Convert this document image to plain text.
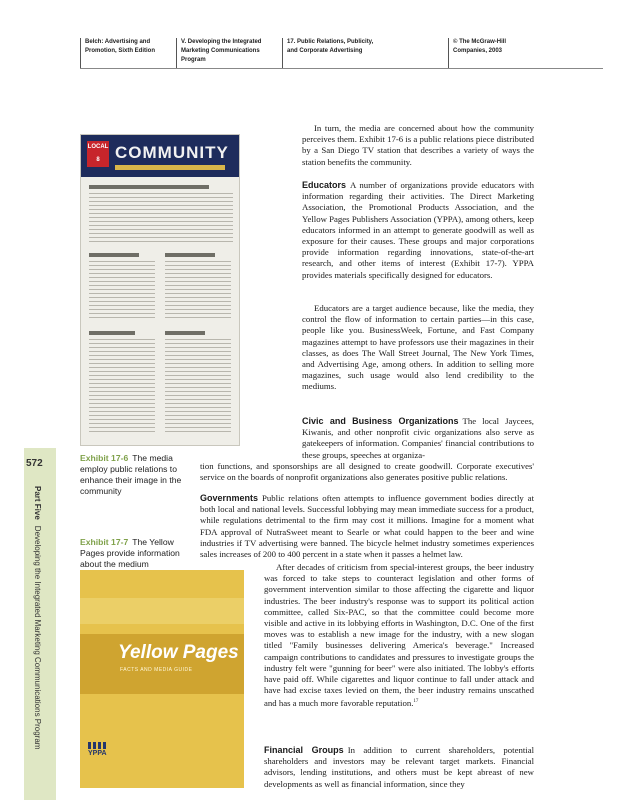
Belch: Advertising and Promotion, Sixth Edition
V. Developing the Integrated Marketing Communications Program
17. Public Relations, Publicity, and Corporate Advertising
© The McGraw-Hill Companies, 2003
572
Part FiveDeveloping the Integrated Marketing Communications Program
LOCAL 8 COMMUNITY
Exhibit 17-6 The media employ public relations to enhance their image in the community
Exhibit 17-7 The Yellow Pages provide information about the medium
Yellow Pages
FACTS AND MEDIA GUIDE
YPPA
In turn, the media are concerned about how the community perceives them. Exhibit 17-6 is a public relations piece distributed by a San Diego TV station that describes a variety of ways the station benefits the community.
Educators A number of organizations provide educators with information regarding their activities. The Direct Marketing Association, the Promotional Products Association, and the Yellow Pages Publishers Association (YPPA), among others, keep educators informed in an attempt to generate goodwill as well as exposure for their causes. These groups and major corporations provide information regarding innovations, state-of-the-art research, and other items of interest (Exhibit 17-7). YPPA provides materials specifically designed for educators.
Educators are a target audience because, like the media, they control the flow of information to certain parties—in this case, people like you. BusinessWeek, Fortune, and Fast Company magazines attempt to have professors use their magazines in their classes, as does The Wall Street Journal, The New York Times, and Advertising Age, among others. In addition to selling more magazines, such usage would also lend credibility to the mediums.
Civic and Business Organizations The local Jaycees, Kiwanis, and other nonprofit civic organizations also serve as gatekeepers of information. Companies' financial contributions to these groups, speeches at organiza-
tion functions, and sponsorships are all designed to create goodwill. Corporate executives' service on the boards of nonprofit organizations also generates positive public relations.
Governments Public relations often attempts to influence government bodies directly at both local and national levels. Successful lobbying may mean immediate success for a product, while regulations detrimental to the firm may cost it millions. Imagine for a moment what FDA approval of NutraSweet meant to Searle or what could happen to the beer and wine industries if TV advertising were banned. The bicycle helmet industry sometimes experiences sales increases of 200 to 400 percent in a state when it passes a helmet law.
After decades of criticism from special-interest groups, the beer industry was forced to take steps to counteract legislation and other forms of government intervention similar to those affecting the cigarette and liquor industries. The beer industry's response was to support its political action committee, called Six-PAC, so that the committee could become more visible and active in its lobbying efforts in Washington, D.C. One of the first moves was to establish a new image for the industry, with a new slogan titled "Family businesses delivering America's beverage." Increased campaign contributions to candidates and pressures to investigate groups the industry felt were "gunning for beer" were also initiated. The lobby's efforts have paid off. While cigarettes and liquor continue to fall under attack and have had excise taxes levied on them, the beer industry remains unscathed and has a much more favorable reputation.$^{17}$
Financial Groups In addition to current shareholders, potential shareholders and investors may be relevant target markets. Financial advisors, lending institutions, and others must be kept abreast of new developments as well as financial information, since they
